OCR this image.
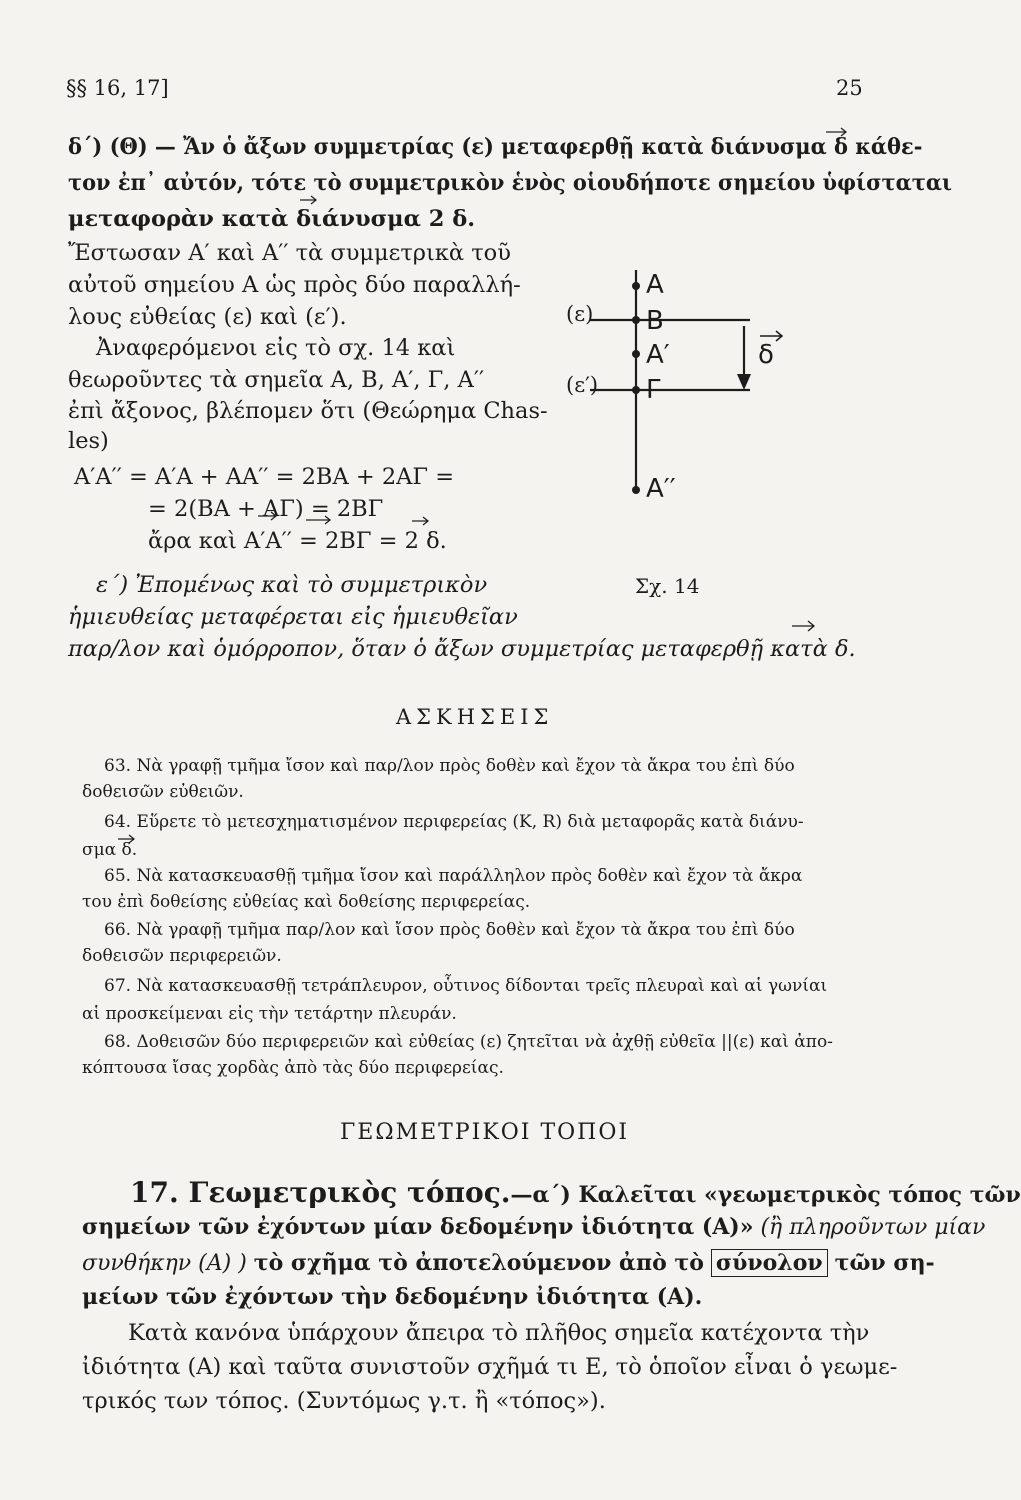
§§ 16, 17]	25
δ΄) (Θ) — Ἄν ὁ ἄξων συμμετρίας (ε) μεταφερθῇ κατὰ διάνυσμα δ κάθε-
τον ἐπ᾽ αὐτόν, τότε τὸ συμμετρικὸν ἑνὸς οἱουδήποτε σημείου ὑφίσταται
μεταφορὰν κατὰ διάνυσμα 2 δ.
Ἔστωσαν Α′ καὶ Α′′ τὰ συμμετρικὰ τοῦ
αὐτοῦ σημείου Α ὡς πρὸς δύο παραλλή-
λους εὐθείας (ε) καὶ (ε′).
Ἀναφερόμενοι εἰς τὸ σχ. 14 καὶ
θεωροῦντες τὰ σημεῖα Α, Β, Α′, Γ, Α′′
ἐπὶ ἄξονος, βλέπομεν ὅτι (Θεώρημα Chas-
les)
Α′Α′′ = Α′Α + ΑΑ′′ = 2ΒΑ + 2ΑΓ =
= 2(ΒΑ + ΑΓ) = 2ΒΓ
ἄρα καὶ Α′Α′′ = 2ΒΓ = 2 δ.
Α
Β
Α′
Γ
Α′′
(ε)
(ε′)
δ
ε΄) Ἐπομένως καὶ τὸ συμμετρικὸν	Σχ. 14
ἡμιευθείας μεταφέρεται εἰς ἡμιευθεῖαν
παρ/λον καὶ ὁμόρροπον, ὅταν ὁ ἄξων συμμετρίας μεταφερθῇ κατὰ δ.
ΑΣΚΗΣΕΙΣ
63. Νὰ γραφῇ τμῆμα ἴσον καὶ παρ/λον πρὸς δοθὲν καὶ ἔχον τὰ ἄκρα του ἐπὶ δύο
δοθεισῶν εὐθειῶν.
64. Εὕρετε τὸ μετεσχηματισμένον περιφερείας (Κ, R) διὰ μεταφορᾶς κατὰ διάνυ-
σμα δ.
65. Νὰ κατασκευασθῇ τμῆμα ἴσον καὶ παράλληλον πρὸς δοθὲν καὶ ἔχον τὰ ἄκρα
του ἐπὶ δοθείσης εὐθείας καὶ δοθείσης περιφερείας.
66. Νὰ γραφῇ τμῆμα παρ/λον καὶ ἴσον πρὸς δοθὲν καὶ ἔχον τὰ ἄκρα του ἐπὶ δύο
δοθεισῶν περιφερειῶν.
67. Νὰ κατασκευασθῇ τετράπλευρον, οὗτινος δίδονται τρεῖς πλευραὶ καὶ αἱ γωνίαι
αἱ προσκείμεναι εἰς τὴν τετάρτην πλευράν.
68. Δοθεισῶν δύο περιφερειῶν καὶ εὐθείας (ε) ζητεῖται νὰ ἀχθῇ εὐθεῖα ||(ε) καὶ ἀπο-
κόπτουσα ἴσας χορδὰς ἀπὸ τὰς δύο περιφερείας.
ΓΕΩΜΕΤΡΙΚΟΙ ΤΟΠΟΙ
17. Γεωμετρικὸς τόπος.—α΄) Καλεῖται «γεωμετρικὸς τόπος τῶν
σημείων τῶν ἐχόντων μίαν δεδομένην ἰδιότητα (Α)» (ἢ πληροῦντων μίαν
συνθήκην (Α) ) τὸ σχῆμα τὸ ἀποτελούμενον ἀπὸ τὸ σύνολον τῶν ση-
μείων τῶν ἐχόντων τὴν δεδομένην ἰδιότητα (Α).
Κατὰ κανόνα ὑπάρχουν ἄπειρα τὸ πλῆθος σημεῖα κατέχοντα τὴν
ἰδιότητα (Α) καὶ ταῦτα συνιστοῦν σχῆμά τι Ε, τὸ ὁποῖον εἶναι ὁ γεωμε-
τρικός των τόπος. (Συντόμως γ.τ. ἢ «τόπος»).
